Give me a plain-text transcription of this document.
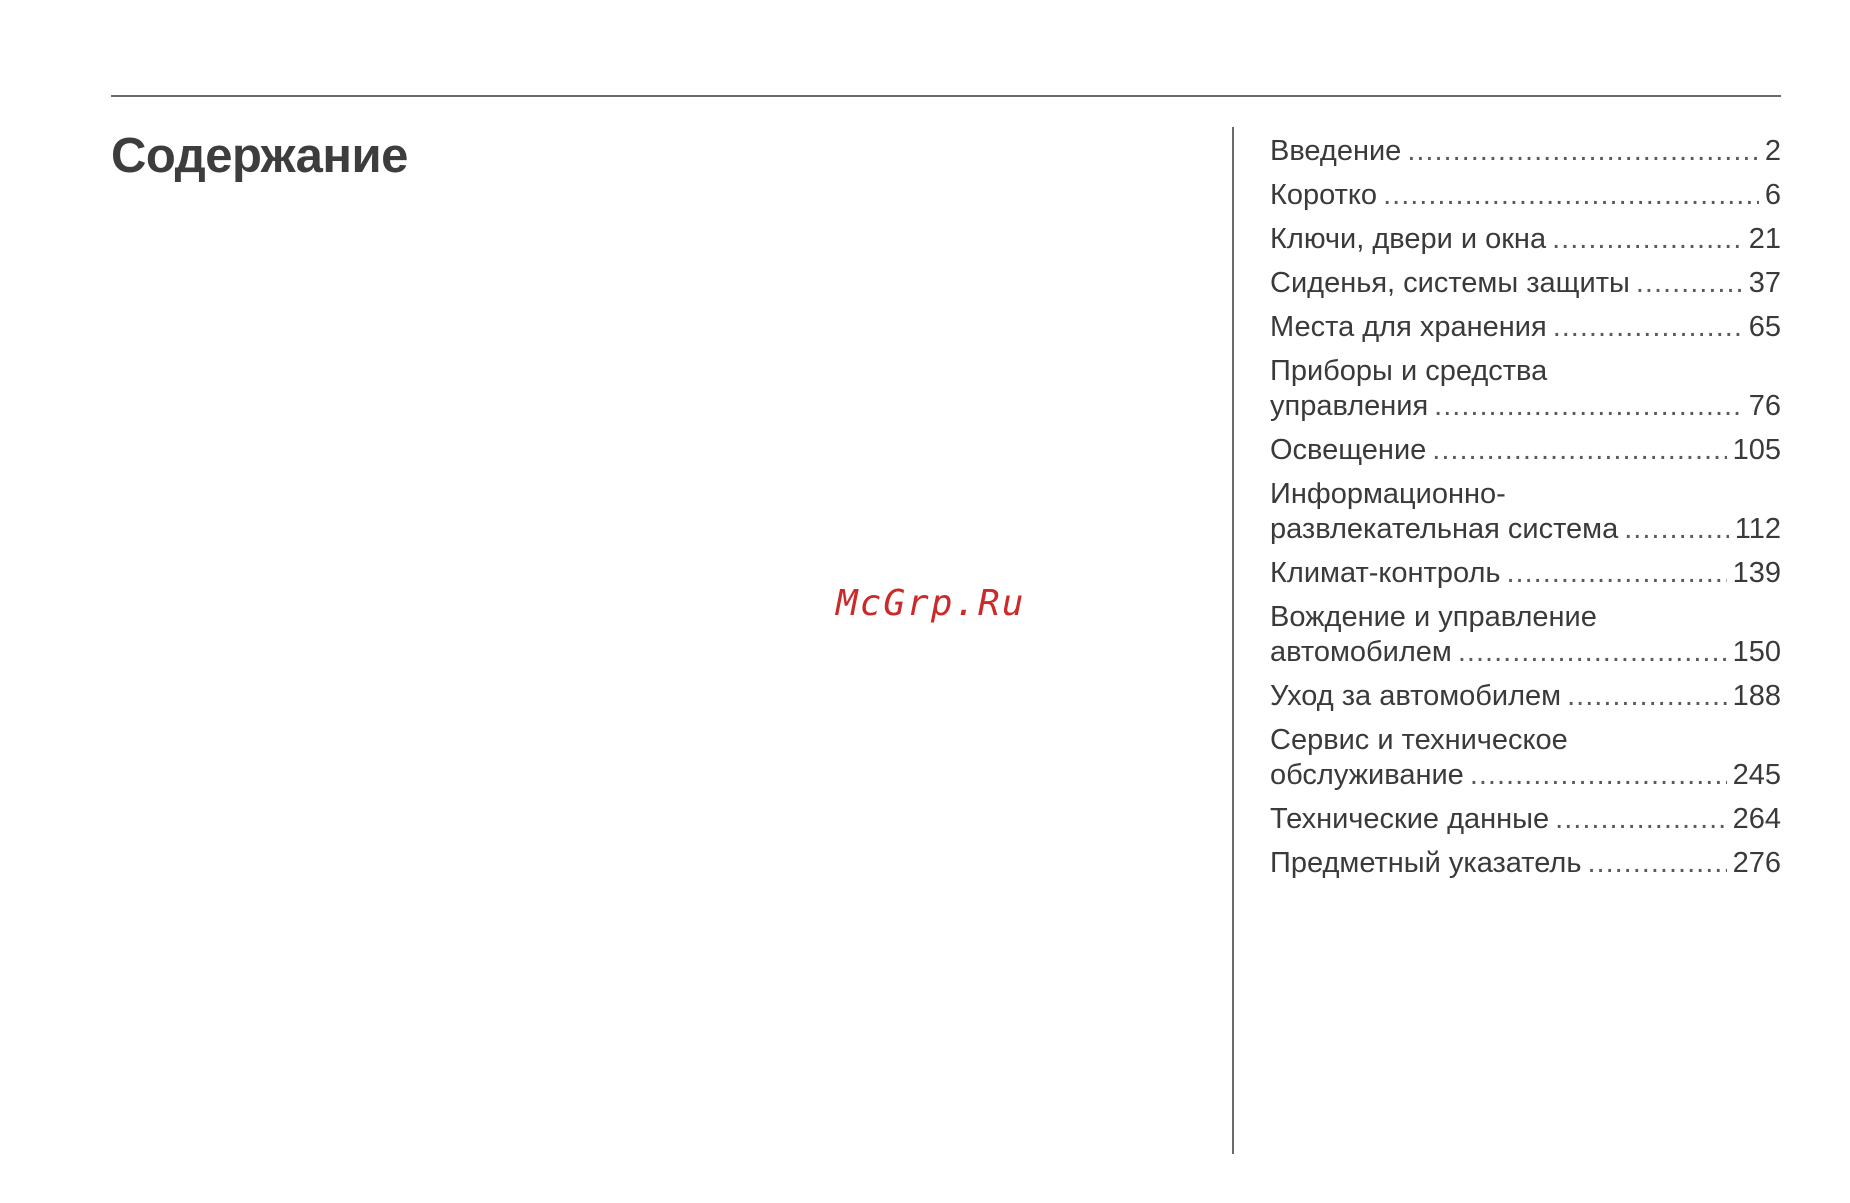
Содержание
McGrp.Ru
Введение .....	2
Коротко .....	6
Ключи, двери и окна .....	21
Сиденья, системы защиты .....	37
Места для хранения .....	65
Приборы и средства
управления .....	76
Освещение .....	105
Информационно-
развлекательная система .....	112
Климат-контроль .....	139
Вождение и управление
автомобилем .....	150
Уход за автомобилем .....	188
Сервис и техническое
обслуживание .....	245
Технические данные .....	264
Предметный указатель .....	276
